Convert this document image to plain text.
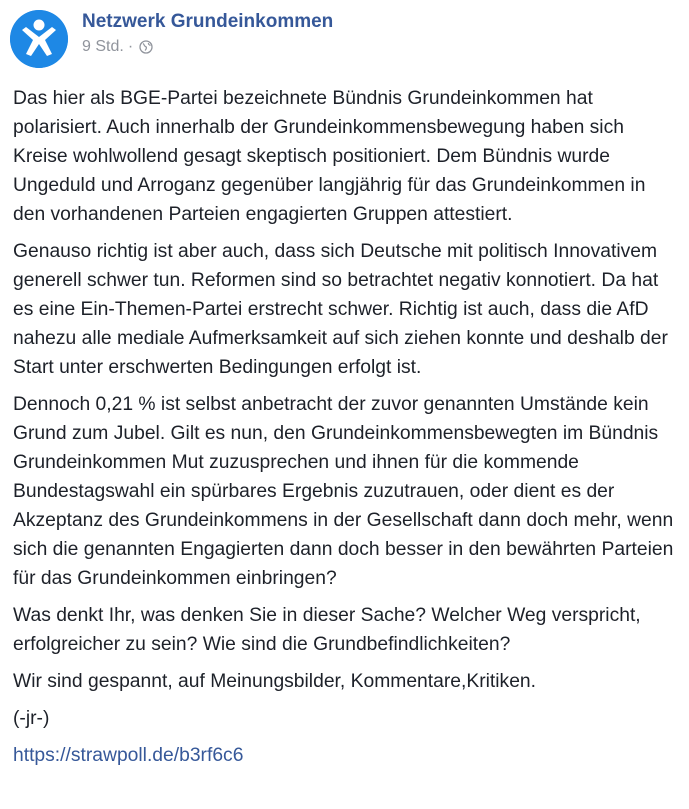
Netzwerk Grundeinkommen
9 Std. ·

Das hier als BGE-Partei bezeichnete Bündnis Grundeinkommen hat polarisiert. Auch innerhalb der Grundeinkommensbewegung haben sich Kreise wohlwollend gesagt skeptisch positioniert. Dem Bündnis wurde Ungeduld und Arroganz gegenüber langjährig für das Grundeinkommen in den vorhandenen Parteien engagierten Gruppen attestiert.

Genauso richtig ist aber auch, dass sich Deutsche mit politisch Innovativem generell schwer tun. Reformen sind so betrachtet negativ konnotiert. Da hat es eine Ein-Themen-Partei erstrecht schwer. Richtig ist auch, dass die AfD nahezu alle mediale Aufmerksamkeit auf sich ziehen konnte und deshalb der Start unter erschwerten Bedingungen erfolgt ist.

Dennoch 0,21 % ist selbst anbetracht der zuvor genannten Umstände kein Grund zum Jubel. Gilt es nun, den Grundeinkommensbewegten im Bündnis Grundeinkommen Mut zuzusprechen und ihnen für die kommende Bundestagswahl ein spürbares Ergebnis zuzutrauen, oder dient es der Akzeptanz des Grundeinkommens in der Gesellschaft dann doch mehr, wenn sich die genannten Engagierten dann doch besser in den bewährten Parteien für das Grundeinkommen einbringen?

Was denkt Ihr, was denken Sie in dieser Sache? Welcher Weg verspricht, erfolgreicher zu sein? Wie sind die Grundbefindlichkeiten?

Wir sind gespannt, auf Meinungsbilder, Kommentare,Kritiken.

(-jr-)

https://strawpoll.de/b3rf6c6
